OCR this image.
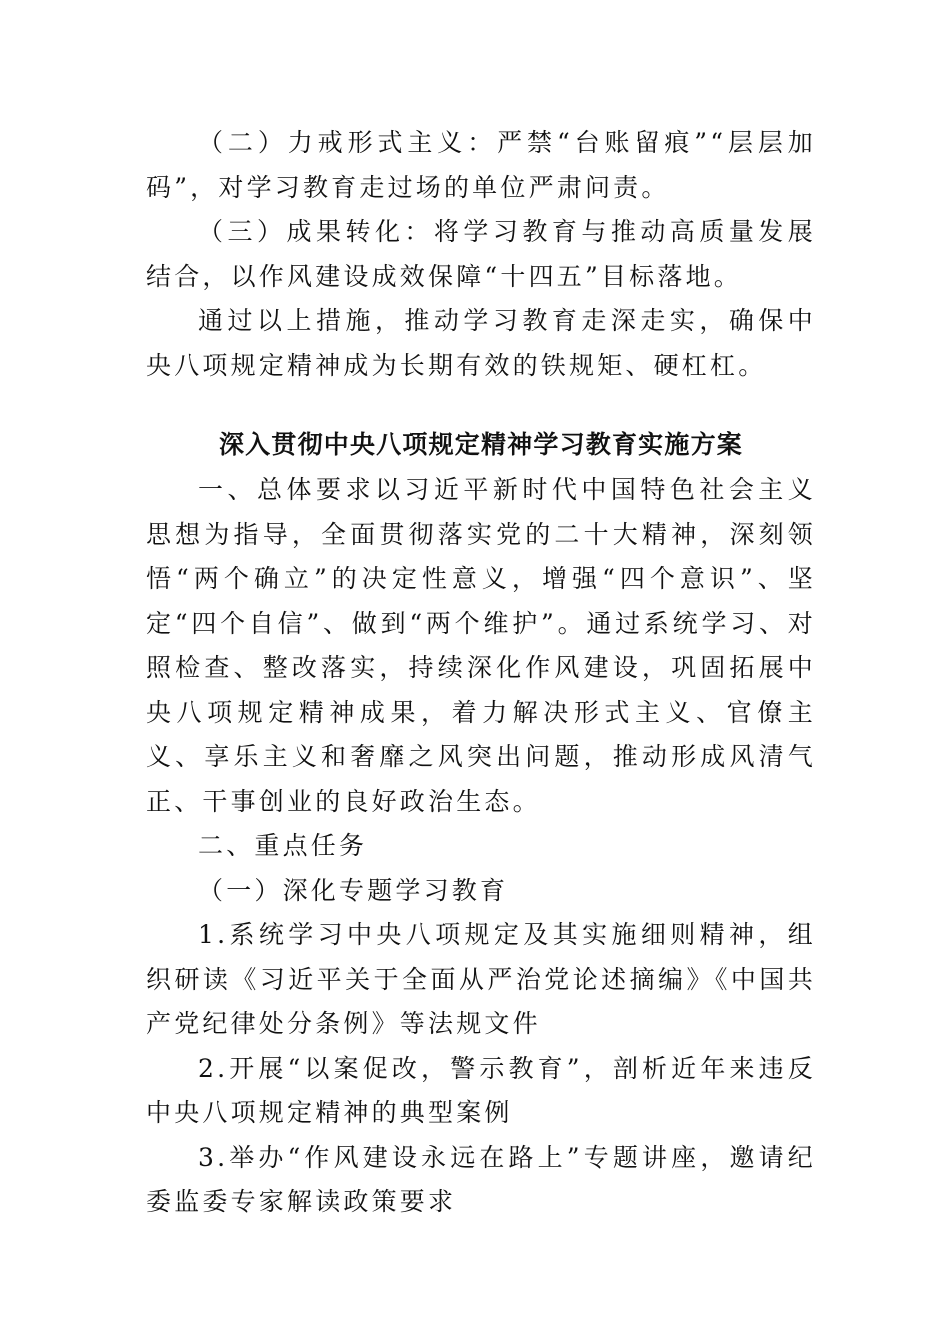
（二）力戒形式主义：严禁“台账留痕”“层层加码”，对学习教育走过场的单位严肃问责。

（三）成果转化：将学习教育与推动高质量发展结合，以作风建设成效保障“十四五”目标落地。

通过以上措施，推动学习教育走深走实，确保中央八项规定精神成为长期有效的铁规矩、硬杠杠。

深入贯彻中央八项规定精神学习教育实施方案

一、总体要求以习近平新时代中国特色社会主义思想为指导，全面贯彻落实党的二十大精神，深刻领悟“两个确立”的决定性意义，增强“四个意识”、坚定“四个自信”、做到“两个维护”。通过系统学习、对照检查、整改落实，持续深化作风建设，巩固拓展中央八项规定精神成果，着力解决形式主义、官僚主义、享乐主义和奢靡之风突出问题，推动形成风清气正、干事创业的良好政治生态。

二、重点任务

（一）深化专题学习教育

1.系统学习中央八项规定及其实施细则精神，组织研读《习近平关于全面从严治党论述摘编》《中国共产党纪律处分条例》等法规文件

2.开展“以案促改，警示教育”，剖析近年来违反中央八项规定精神的典型案例

3.举办“作风建设永远在路上”专题讲座，邀请纪委监委专家解读政策要求
